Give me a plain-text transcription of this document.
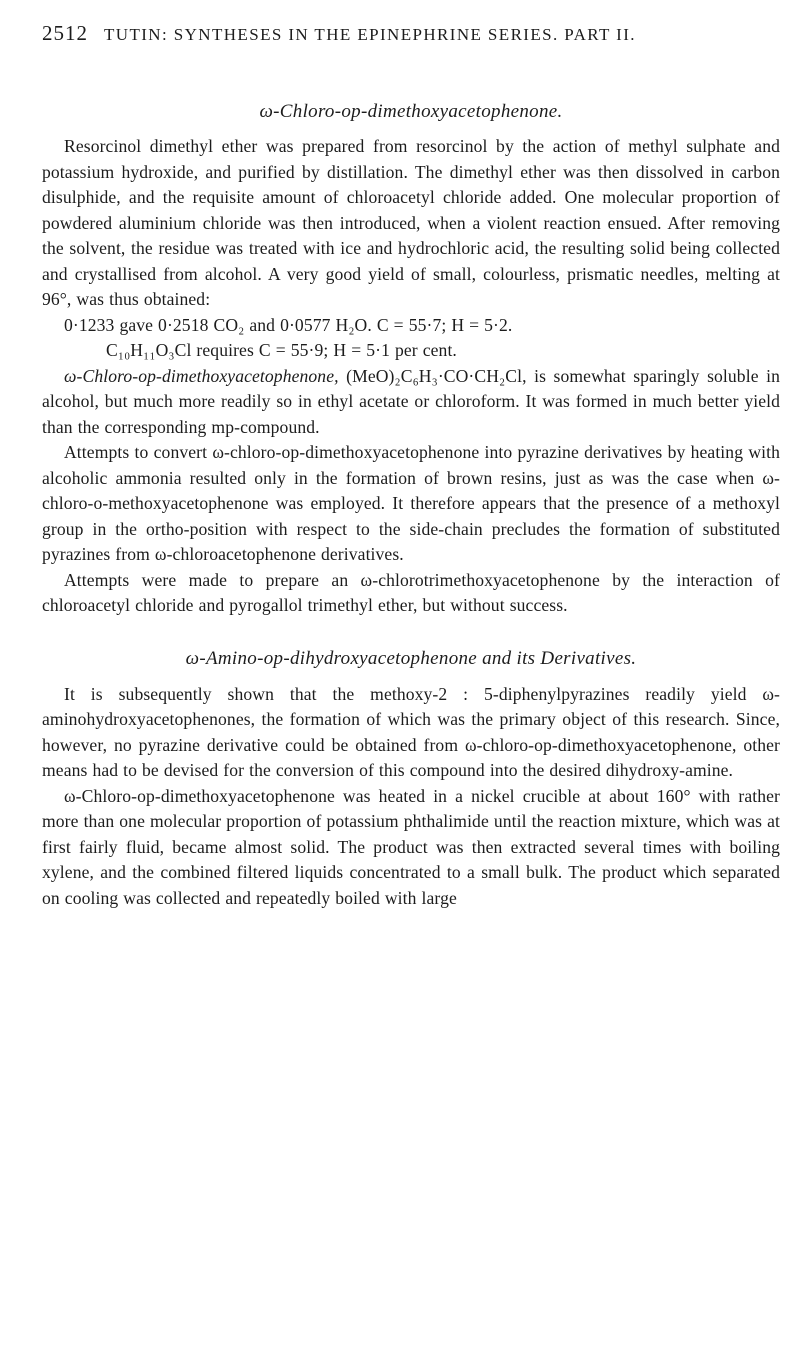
2512 TUTIN: SYNTHESES IN THE EPINEPHRINE SERIES. PART II.
ω-Chloro-op-dimethoxyacetophenone.

Resorcinol dimethyl ether was prepared from resorcinol by the action of methyl sulphate and potassium hydroxide, and purified by distillation. The dimethyl ether was then dissolved in carbon disulphide, and the requisite amount of chloroacetyl chloride added. One molecular proportion of powdered aluminium chloride was then introduced, when a violent reaction ensued. After removing the solvent, the residue was treated with ice and hydrochloric acid, the resulting solid being collected and crystallised from alcohol. A very good yield of small, colourless, prismatic needles, melting at 96°, was thus obtained:

0·1233 gave 0·2518 CO₂ and 0·0577 H₂O. C = 55·7; H = 5·2.

C₁₀H₁₁O₃Cl requires C = 55·9; H = 5·1 per cent.

ω-Chloro-op-dimethoxyacetophenone, (MeO)₂C₆H₃·CO·CH₂Cl, is somewhat sparingly soluble in alcohol, but much more readily so in ethyl acetate or chloroform. It was formed in much better yield than the corresponding mp-compound.

Attempts to convert ω-chloro-op-dimethoxyacetophenone into pyrazine derivatives by heating with alcoholic ammonia resulted only in the formation of brown resins, just as was the case when ω-chloro-o-methoxyacetophenone was employed. It therefore appears that the presence of a methoxyl group in the ortho-position with respect to the side-chain precludes the formation of substituted pyrazines from ω-chloroacetophenone derivatives.

Attempts were made to prepare an ω-chlorotrimethoxyacetophenone by the interaction of chloroacetyl chloride and pyrogallol trimethyl ether, but without success.

ω-Amino-op-dihydroxyacetophenone and its Derivatives.

It is subsequently shown that the methoxy-2 : 5-diphenylpyrazines readily yield ω-aminohydroxyacetophenones, the formation of which was the primary object of this research. Since, however, no pyrazine derivative could be obtained from ω-chloro-op-dimethoxyacetophenone, other means had to be devised for the conversion of this compound into the desired dihydroxy-amine.

ω-Chloro-op-dimethoxyacetophenone was heated in a nickel crucible at about 160° with rather more than one molecular proportion of potassium phthalimide until the reaction mixture, which was at first fairly fluid, became almost solid. The product was then extracted several times with boiling xylene, and the combined filtered liquids concentrated to a small bulk. The product which separated on cooling was collected and repeatedly boiled with large
